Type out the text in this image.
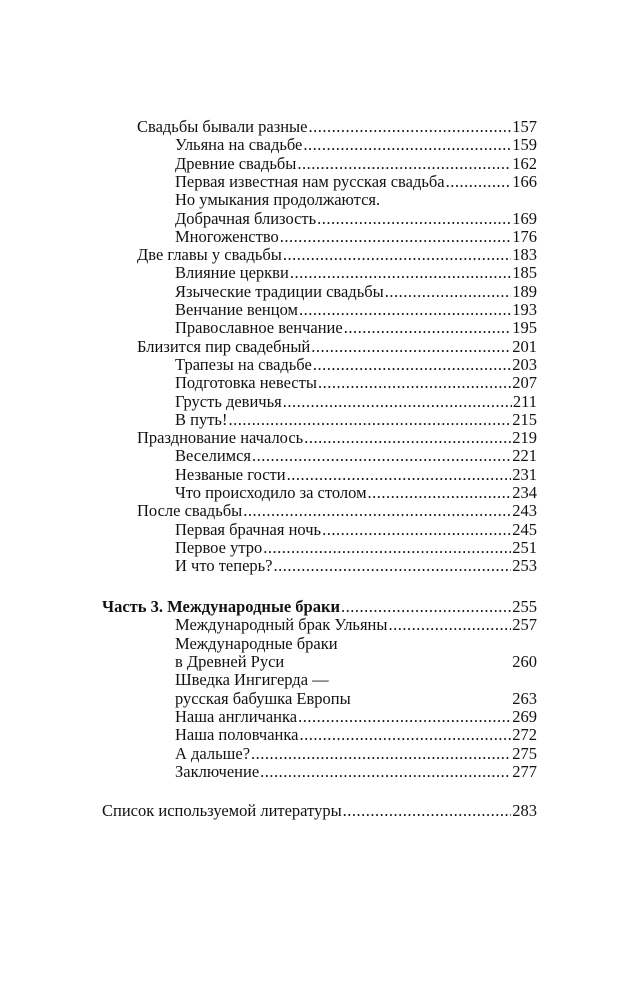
Свадьбы бывали разные .....	157
Ульяна на свадьбе .....	159
Древние свадьбы .....	162
Первая известная нам русская свадьба .....	166
Но умыкания продолжаются.
Добрачная близость .....	169
Многоженство .....	176
Две главы у свадьбы .....	183
Влияние церкви .....	185
Языческие традиции свадьбы .....	189
Венчание венцом .....	193
Православное венчание .....	195
Близится пир свадебный .....	201
Трапезы на свадьбе .....	203
Подготовка невесты .....	207
Грусть девичья .....	211
В путь! .....	215
Празднование началось .....	219
Веселимся .....	221
Незваные гости .....	231
Что происходило за столом .....	234
После свадьбы .....	243
Первая брачная ночь .....	245
Первое утро .....	251
И что теперь? .....	253
Часть 3. Международные браки .....	255
Международный брак Ульяны .....	257
Международные браки
в Древней Руси	260
Шведка Ингигерда —
русская бабушка Европы	263
Наша англичанка .....	269
Наша половчанка .....	272
А дальше? .....	275
Заключение .....	277
Список используемой литературы .....	283
